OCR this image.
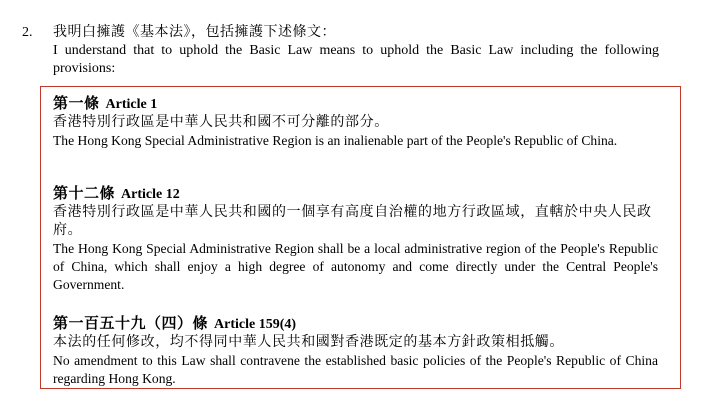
2. 我明白擁護《基本法》，包括擁護下述條文：
I understand that to uphold the Basic Law means to uphold the Basic Law including the following provisions:
第一條 Article 1
香港特別行政區是中華人民共和國不可分離的部分。
The Hong Kong Special Administrative Region is an inalienable part of the People's Republic of China.
第十二條 Article 12
香港特別行政區是中華人民共和國的一個享有高度自治權的地方行政區域，直轄於中央人民政府。
The Hong Kong Special Administrative Region shall be a local administrative region of the People's Republic of China, which shall enjoy a high degree of autonomy and come directly under the Central People's Government.
第一百五十九（四）條 Article 159(4)
本法的任何修改，均不得同中華人民共和國對香港既定的基本方針政策相抵觸。
No amendment to this Law shall contravene the established basic policies of the People's Republic of China regarding Hong Kong.
